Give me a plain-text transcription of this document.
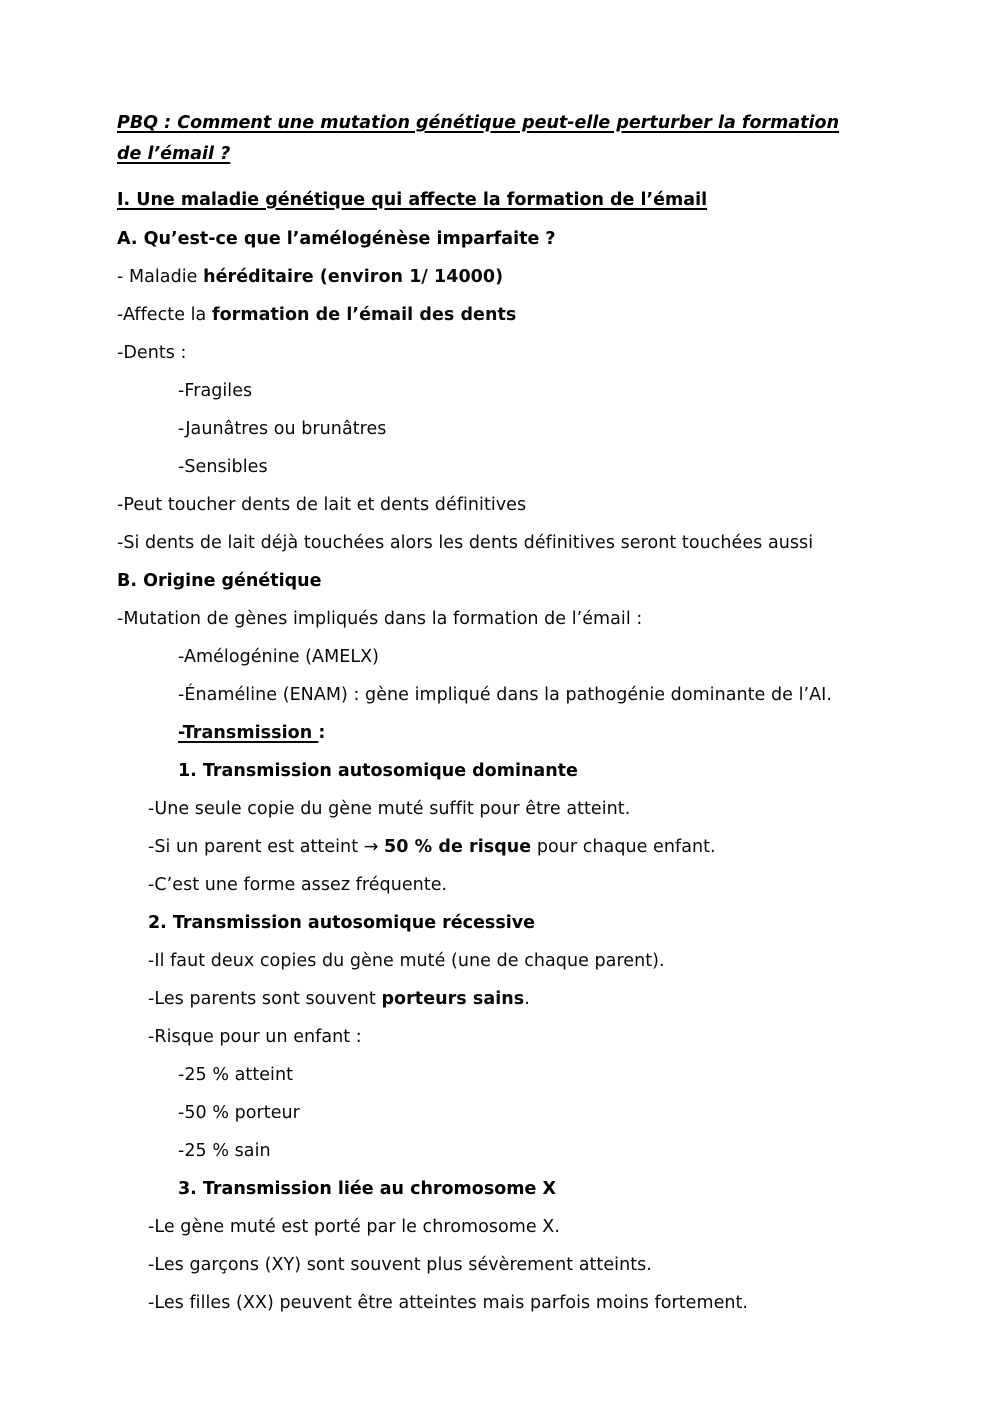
PBQ : Comment une mutation génétique peut-elle perturber la formation
de l’émail ?
I. Une maladie génétique qui affecte la formation de l’émail
A. Qu’est-ce que l’amélogénèse imparfaite ?
- Maladie héréditaire (environ 1/ 14000)
-Affecte la formation de l’émail des dents
-Dents :
-Fragiles
-Jaunâtres ou brunâtres
-Sensibles
-Peut toucher dents de lait et dents définitives
-Si dents de lait déjà touchées alors les dents définitives seront touchées aussi
B. Origine génétique
-Mutation de gènes impliqués dans la formation de l’émail :
-Amélogénine (AMELX)
-Énaméline (ENAM) : gène impliqué dans la pathogénie dominante de l’AI.
-Transmission :
1. Transmission autosomique dominante
-Une seule copie du gène muté suffit pour être atteint.
-Si un parent est atteint → 50 % de risque pour chaque enfant.
-C’est une forme assez fréquente.
2. Transmission autosomique récessive
-Il faut deux copies du gène muté (une de chaque parent).
-Les parents sont souvent porteurs sains.
-Risque pour un enfant :
-25 % atteint
-50 % porteur
-25 % sain
3. Transmission liée au chromosome X
-Le gène muté est porté par le chromosome X.
-Les garçons (XY) sont souvent plus sévèrement atteints.
-Les filles (XX) peuvent être atteintes mais parfois moins fortement.
